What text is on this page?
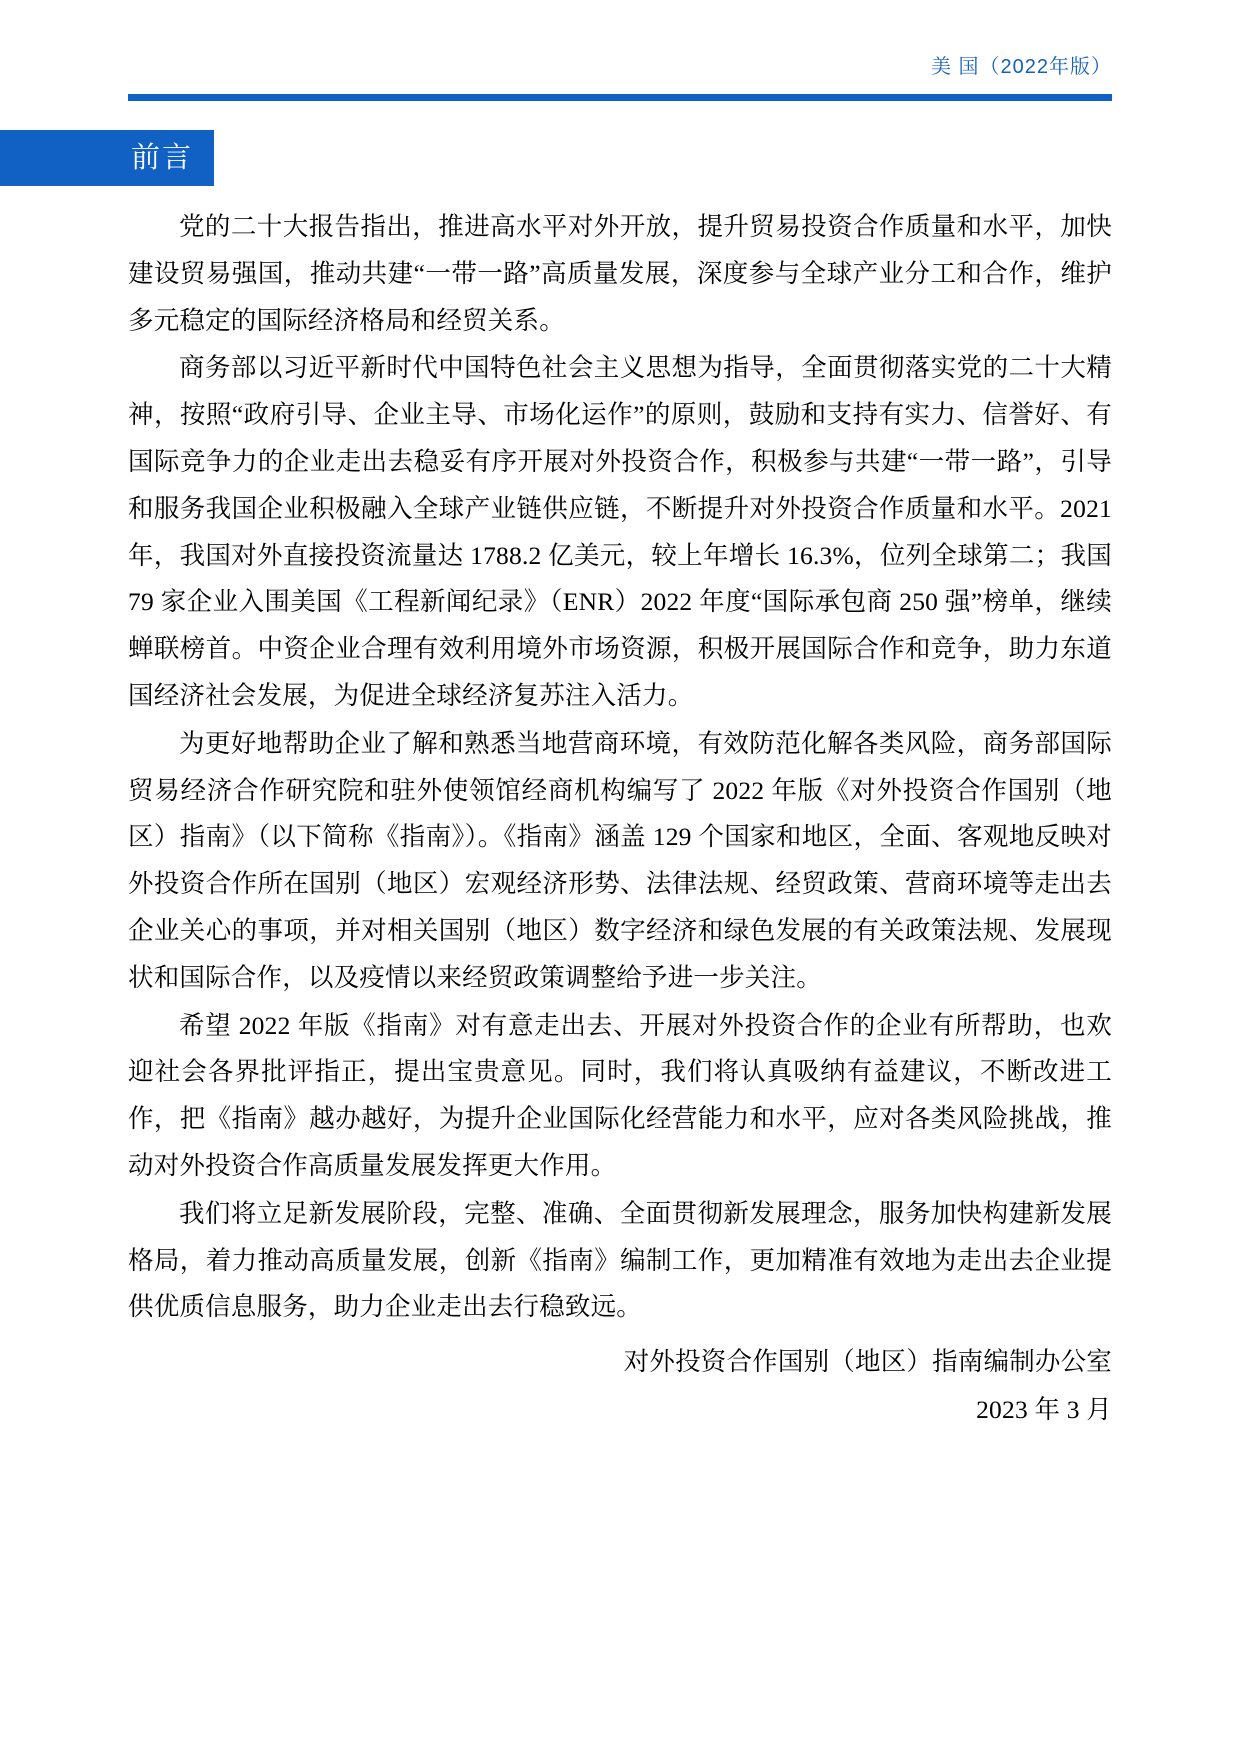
美 国（2022年版）
前言

党的二十大报告指出，推进高水平对外开放，提升贸易投资合作质量和水平，加快建设贸易强国，推动共建“一带一路”高质量发展，深度参与全球产业分工和合作，维护多元稳定的国际经济格局和经贸关系。

商务部以习近平新时代中国特色社会主义思想为指导，全面贯彻落实党的二十大精神，按照“政府引导、企业主导、市场化运作”的原则，鼓励和支持有实力、信誉好、有国际竞争力的企业走出去稳妥有序开展对外投资合作，积极参与共建“一带一路”，引导和服务我国企业积极融入全球产业链供应链，不断提升对外投资合作质量和水平。2021 年，我国对外直接投资流量达 1788.2 亿美元，较上年增长 16.3%，位列全球第二；我国 79 家企业入围美国《工程新闻纪录》（ENR）2022 年度“国际承包商 250 强”榜单，继续蝉联榜首。中资企业合理有效利用境外市场资源，积极开展国际合作和竞争，助力东道国经济社会发展，为促进全球经济复苏注入活力。

为更好地帮助企业了解和熟悉当地营商环境，有效防范化解各类风险，商务部国际贸易经济合作研究院和驻外使领馆经商机构编写了 2022 年版《对外投资合作国别（地区）指南》（以下简称《指南》）。《指南》涵盖 129 个国家和地区，全面、客观地反映对外投资合作所在国别（地区）宏观经济形势、法律法规、经贸政策、营商环境等走出去企业关心的事项，并对相关国别（地区）数字经济和绿色发展的有关政策法规、发展现状和国际合作，以及疫情以来经贸政策调整给予进一步关注。

希望 2022 年版《指南》对有意走出去、开展对外投资合作的企业有所帮助，也欢迎社会各界批评指正，提出宝贵意见。同时，我们将认真吸纳有益建议，不断改进工作，把《指南》越办越好，为提升企业国际化经营能力和水平，应对各类风险挑战，推动对外投资合作高质量发展发挥更大作用。

我们将立足新发展阶段，完整、准确、全面贯彻新发展理念，服务加快构建新发展格局，着力推动高质量发展，创新《指南》编制工作，更加精准有效地为走出去企业提供优质信息服务，助力企业走出去行稳致远。

对外投资合作国别（地区）指南编制办公室
2023 年 3 月
